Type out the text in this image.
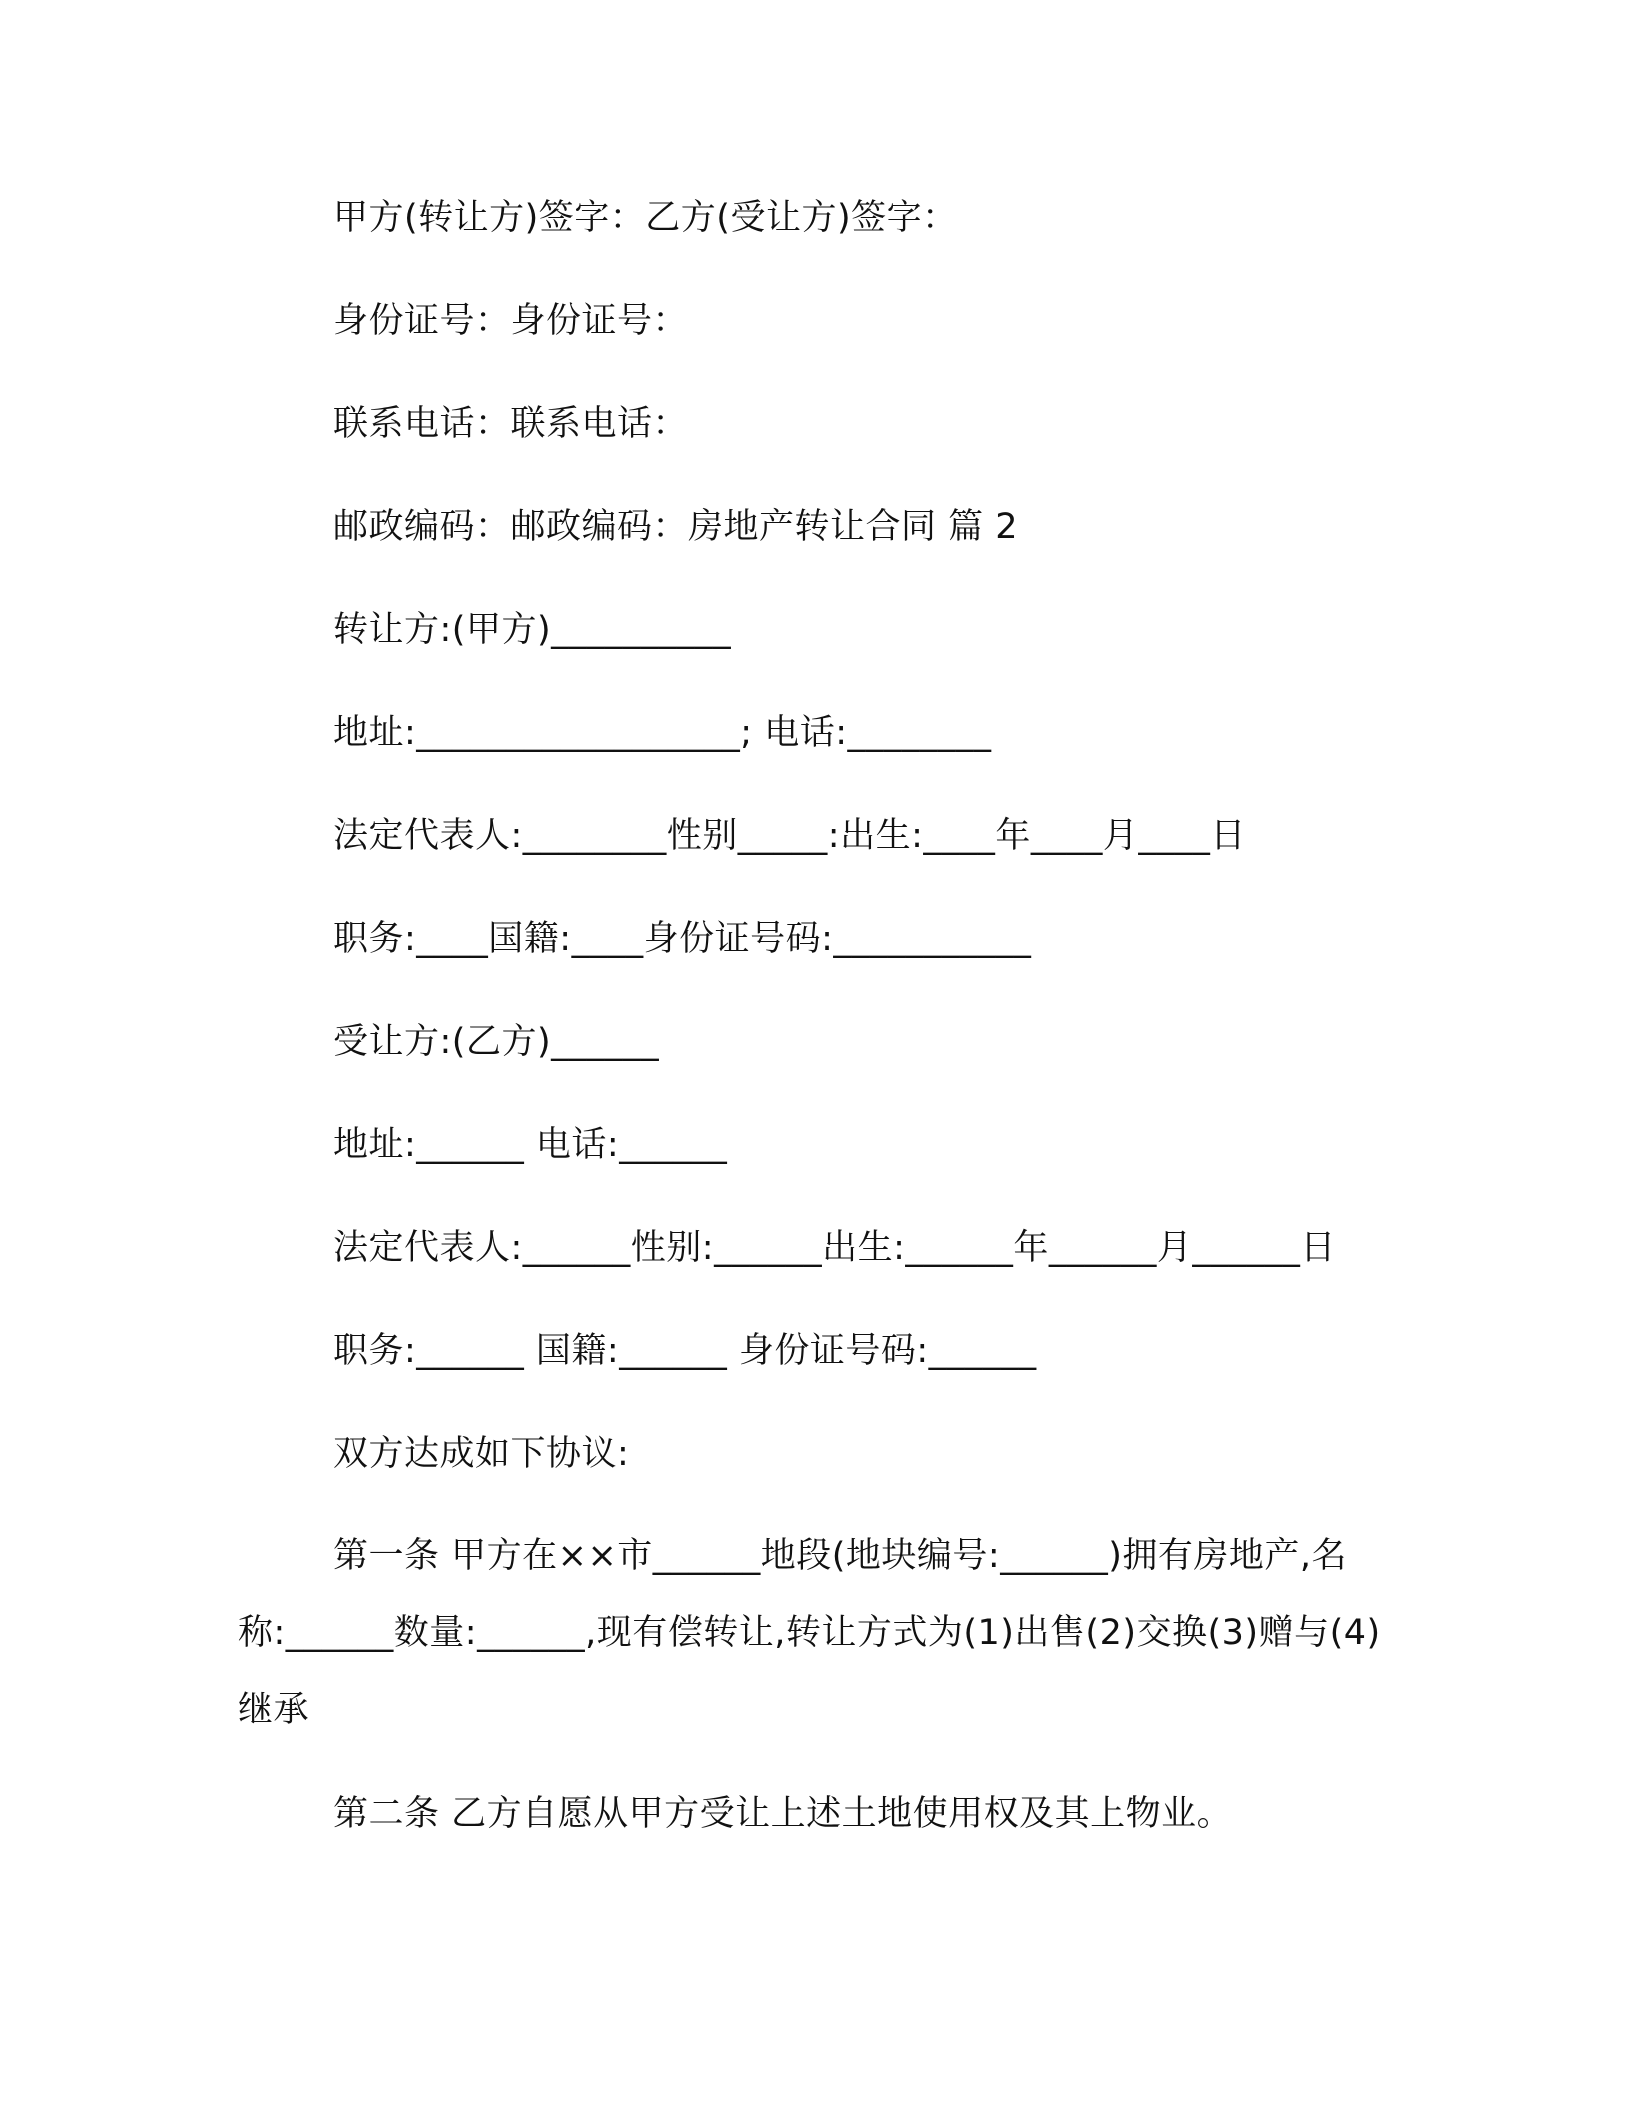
甲方(转让方)签字：乙方(受让方)签字：
身份证号：身份证号：
联系电话：联系电话：
邮政编码：邮政编码：房地产转让合同 篇 2
转让方:(甲方)__________
地址:__________________; 电话:________
法定代表人:________性别_____:出生:____年____月____日
职务:____国籍:____身份证号码:___________
受让方:(乙方)______
地址:______ 电话:______
法定代表人:______性别:______出生:______年______月______日
职务:______ 国籍:______ 身份证号码:______
双方达成如下协议:
第一条 甲方在××市______地段(地块编号:______)拥有房地产,名称:______数量:______,现有偿转让,转让方式为(1)出售(2)交换(3)赠与(4)继承
第二条 乙方自愿从甲方受让上述土地使用权及其上物业。
